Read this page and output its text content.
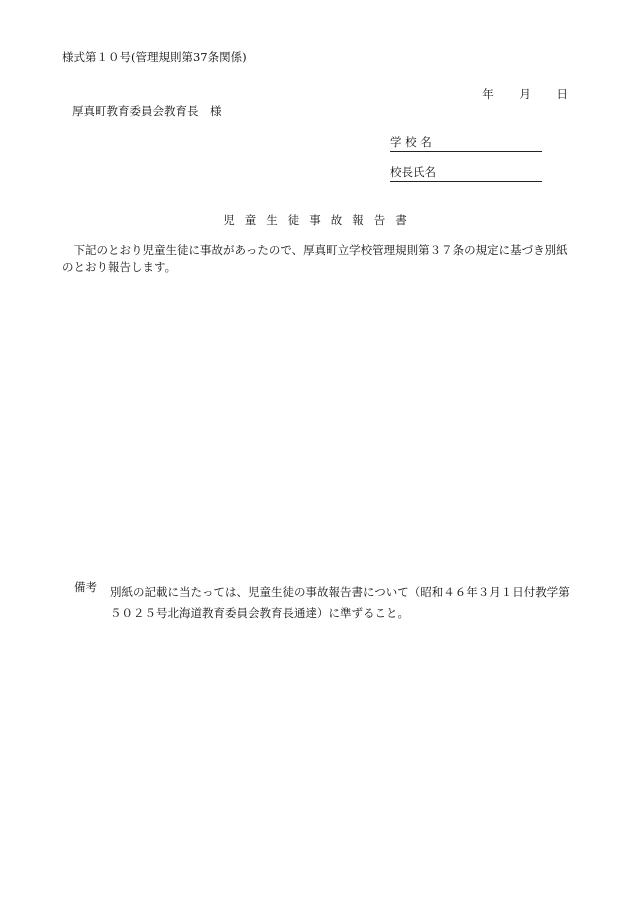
様式第１０号(管理規則第37条関係)
年 月 日
厚真町教育委員会教育長　様
学 校 名
校長氏名
児童生徒事故報告書
下記のとおり児童生徒に事故があったので、厚真町立学校管理規則第３７条の規定に基づき別紙のとおり報告します。
備考 別紙の記載に当たっては、児童生徒の事故報告書について（昭和４６年３月１日付教学第５０２５号北海道教育委員会教育長通達）に準ずること。
